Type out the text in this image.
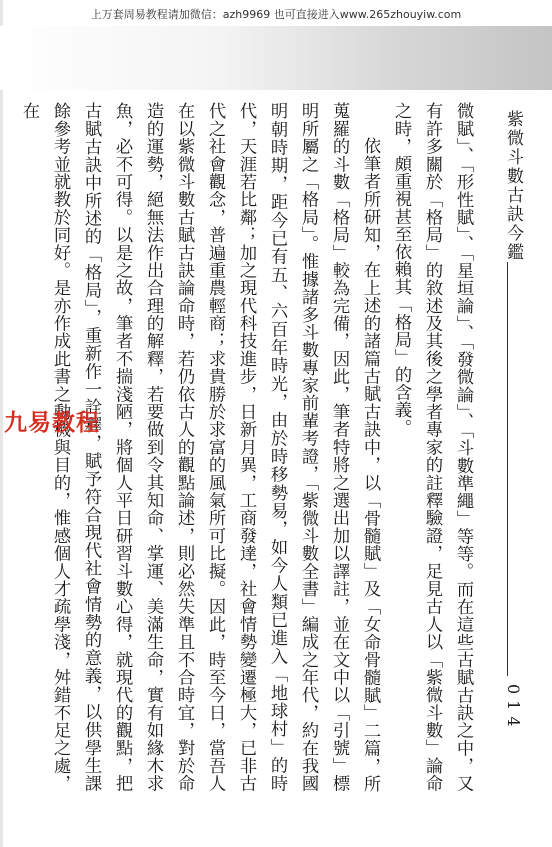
上万套周易教程请加微信：azh9969 也可直接进入www.265zhouyiw.com
紫微斗數古訣今鑑
014

微賦」、「形性賦」、「星垣論」、「發微論」、「斗數準繩」等等。而在這些古賦古訣之中，又有許多關於「格局」的敘述及其後之學者專家的註釋驗證，足見古人以「紫微斗數」論命之時，頗重視甚至依賴其「格局」的含義。

依筆者所研知，在上述的諸篇古賦古訣中，以「骨髓賦」及「女命骨髓賦」二篇，所蒐羅的斗數「格局」較為完備，因此，筆者特將之選出加以譯註，並在文中以「引號」標明所屬之「格局」。惟據諸多斗數專家前輩考證，「紫微斗數全書」編成之年代，約在我國明朝時期，距今已有五、六百年時光，由於時移勢易，如今人類已進入「地球村」的時代，天涯若比鄰；加之現代科技進步，日新月異，工商發達，社會情勢變遷極大，已非古代之社會觀念，普遍重農輕商；求貴勝於求富的風氣所可比擬。因此，時至今日，當吾人在以紫微斗數古賦古訣論命時，若仍依古人的觀點論述，則必然失準且不合時宜，對於命造的運勢，絕無法作出合理的解釋，若要做到令其知命、掌運、美滿生命，實有如緣木求魚，必不可得。以是之故，筆者不揣淺陋，將個人平日研習斗數心得，就現代的觀點，把古賦古訣中所述的「格局」，重新作一詮釋，賦予符合現代社會情勢的意義，以供學生課餘參考並就教於同好。是亦作成此書之動機與目的，惟感個人才疏學淺，舛錯不足之處，在

九易教程
